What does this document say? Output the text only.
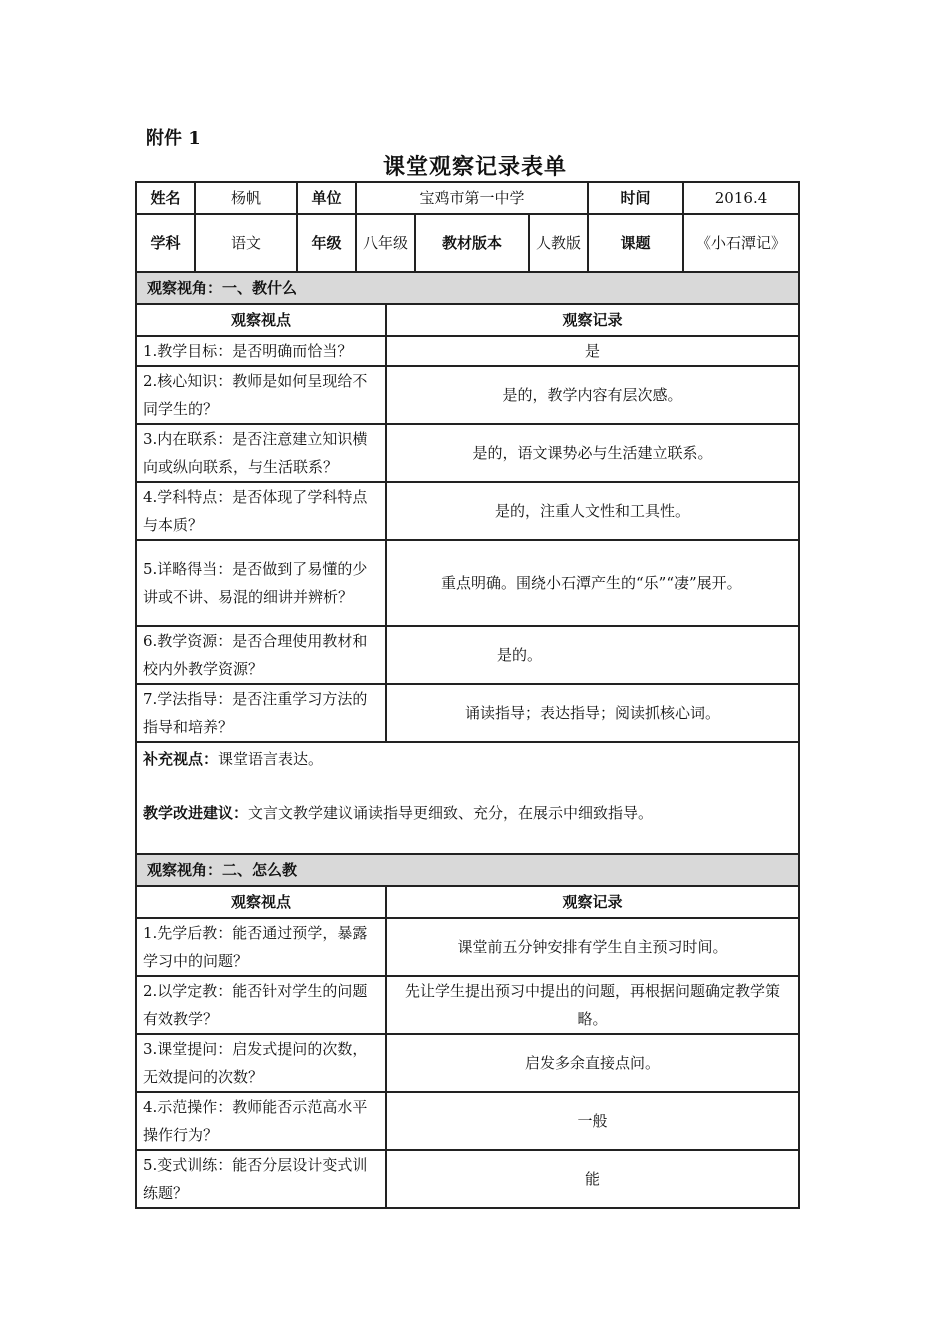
附件 1
课堂观察记录表单
姓名	杨帆	单位	宝鸡市第一中学	时间	2016.4
学科	语文	年级	八年级	教材版本	人教版	课题	《小石潭记》
观察视角：一、教什么	
观察视点	观察记录
1.教学目标：是否明确而恰当？	是
2.核心知识：教师是如何呈现给不同学生的？	是的，教学内容有层次感。
3.内在联系：是否注意建立知识横向或纵向联系，与生活联系？	是的，语文课势必与生活建立联系。
4.学科特点：是否体现了学科特点与本质？	是的，注重人文性和工具性。
5.详略得当：是否做到了易懂的少讲或不讲、易混的细讲并辨析？	重点明确。围绕小石潭产生的“乐”“凄”展开。
6.教学资源：是否合理使用教材和校内外教学资源？	是的。
7.学法指导：是否注重学习方法的指导和培养？	诵读指导；表达指导；阅读抓核心词。

补充视点：课堂语言表达。
教学改进建议：文言文教学建议诵读指导更细致、充分，在展示中细致指导。	

观察视角：二、怎么教	
观察视点	观察记录
1.先学后教：能否通过预学，暴露学习中的问题？	课堂前五分钟安排有学生自主预习时间。
2.以学定教：能否针对学生的问题有效教学？	先让学生提出预习中提出的问题，再根据问题确定教学策略。
3.课堂提问：启发式提问的次数，无效提问的次数？	启发多余直接点问。
4.示范操作：教师能否示范高水平操作行为？	一般
5.变式训练：能否分层设计变式训练题？	能
